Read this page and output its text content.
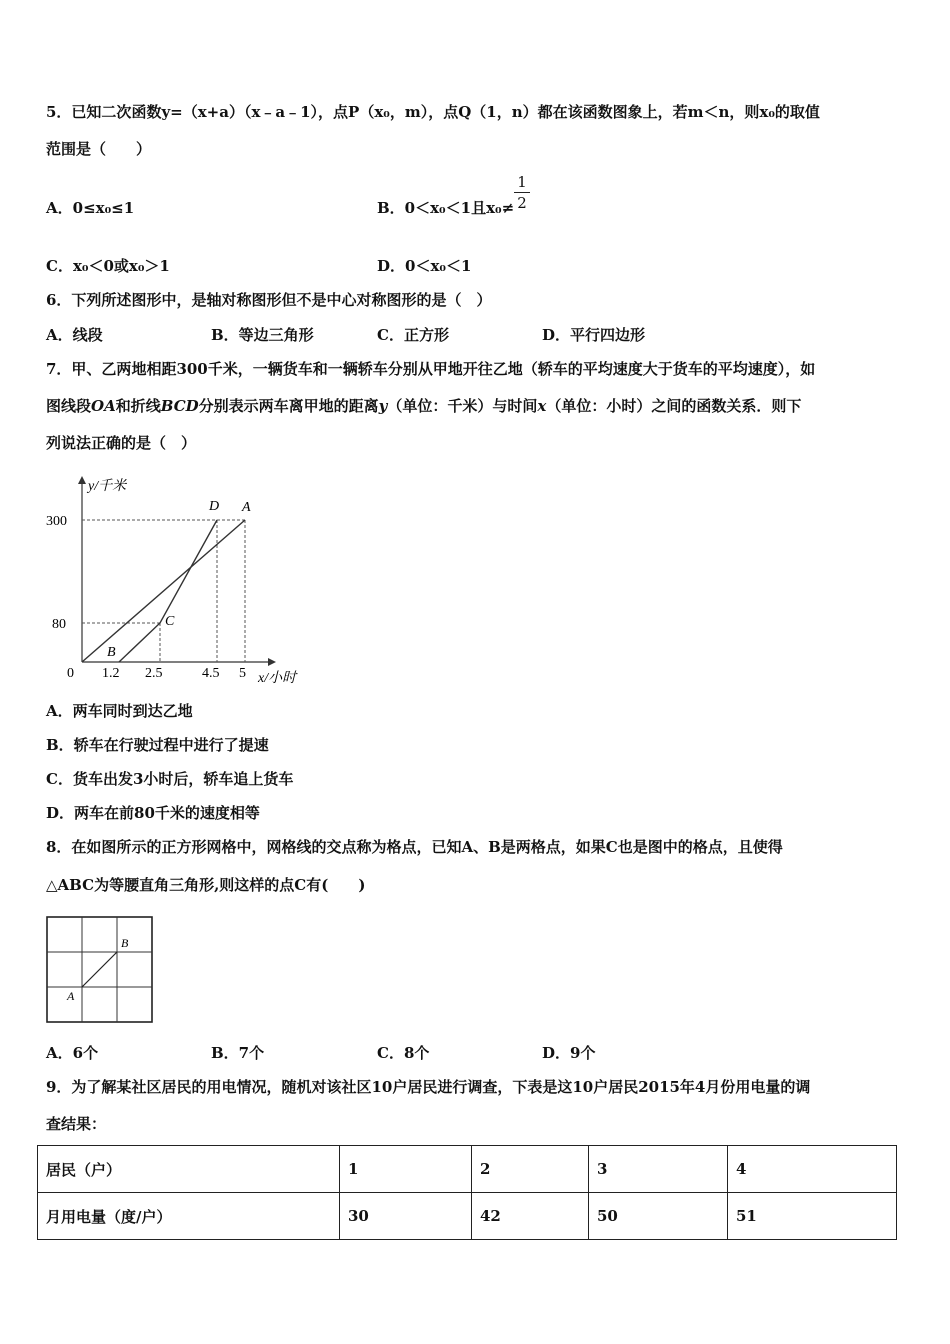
5．已知二次函数y=（x+a）（x﹣a﹣1），点P（x₀，m），点Q（1，n）都在该函数图象上，若m＜n，则x₀的取值
范围是（　　）
A．0≤x₀≤1	B．0＜x₀＜1且x₀≠
1
2
C．x₀＜0或x₀＞1	D．0＜x₀＜1
6．下列所述图形中，是轴对称图形但不是中心对称图形的是（　）
A．线段	B．等边三角形	C．正方形	D．平行四边形
7．甲、乙两地相距300千米，一辆货车和一辆轿车分别从甲地开往乙地（轿车的平均速度大于货车的平均速度），如
图线段OA和折线BCD分别表示两车离甲地的距离y（单位：千米）与时间x（单位：小时）之间的函数关系．则下
列说法正确的是（　）
y/千米
x/小时
300
80
0 1.2 2.5	4.5 5
D A
C
B
A．两车同时到达乙地
B．轿车在行驶过程中进行了提速
C．货车出发3小时后，轿车追上货车
D．两车在前80千米的速度相等
8．在如图所示的正方形网格中，网格线的交点称为格点，已知A、B是两格点，如果C也是图中的格点，且使得
△ABC为等腰直角三角形,则这样的点C有(　　)
A
B
A．6个	B．7个	C．8个	D．9个
9．为了解某社区居民的用电情况，随机对该社区10户居民进行调查，下表是这10户居民2015年4月份用电量的调
查结果：
居民（户）	1	2	3	4
月用电量（度/户）	30	42	50	51
